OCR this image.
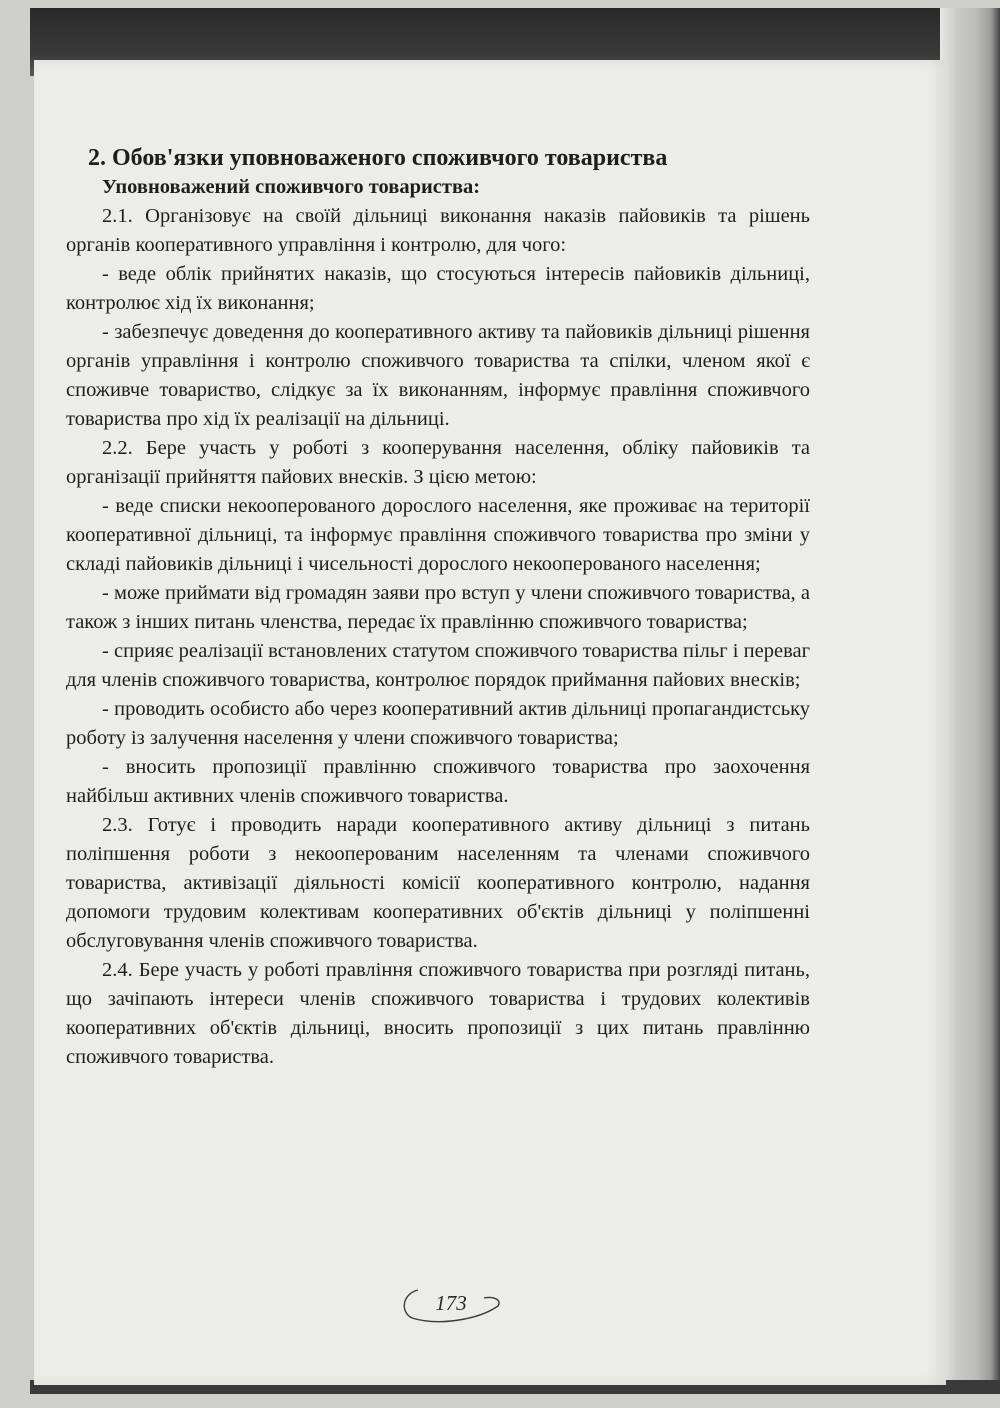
2. Обов'язки уповноваженого споживчого товариства
Уповноважений споживчого товариства:

2.1. Організовує на своїй дільниці виконання наказів пайовиків та рішень органів кооперативного управління і контролю, для чого:

- веде облік прийнятих наказів, що стосуються інтересів пайовиків дільниці, контролює хід їх виконання;

- забезпечує доведення до кооперативного активу та пайовиків дільниці рішення органів управління і контролю споживчого товариства та спілки, членом якої є споживче товариство, слідкує за їх виконанням, інформує правління споживчого товариства про хід їх реалізації на дільниці.

2.2. Бере участь у роботі з кооперування населення, обліку пайовиків та організації прийняття пайових внесків. З цією метою:

- веде списки некооперованого дорослого населення, яке проживає на території кооперативної дільниці, та інформує правління споживчого товариства про зміни у складі пайовиків дільниці і чисельності дорослого некооперованого населення;

- може приймати від громадян заяви про вступ у члени споживчого товариства, а також з інших питань членства, передає їх правлінню споживчого товариства;

- сприяє реалізації встановлених статутом споживчого товариства пільг і переваг для членів споживчого товариства, контролює порядок приймання пайових внесків;

- проводить особисто або через кооперативний актив дільниці пропагандистську роботу із залучення населення у члени споживчого товариства;

- вносить пропозиції правлінню споживчого товариства про заохочення найбільш активних членів споживчого товариства.

2.3. Готує і проводить наради кооперативного активу дільниці з питань поліпшення роботи з некооперованим населенням та членами споживчого товариства, активізації діяльності комісії кооперативного контролю, надання допомоги трудовим колективам кооперативних об'єктів дільниці у поліпшенні обслуговування членів споживчого товариства.

2.4. Бере участь у роботі правління споживчого товариства при розгляді питань, що зачіпають інтереси членів споживчого товариства і трудових колективів кооперативних об'єктів дільниці, вносить пропозиції з цих питань правлінню споживчого товариства.

173
